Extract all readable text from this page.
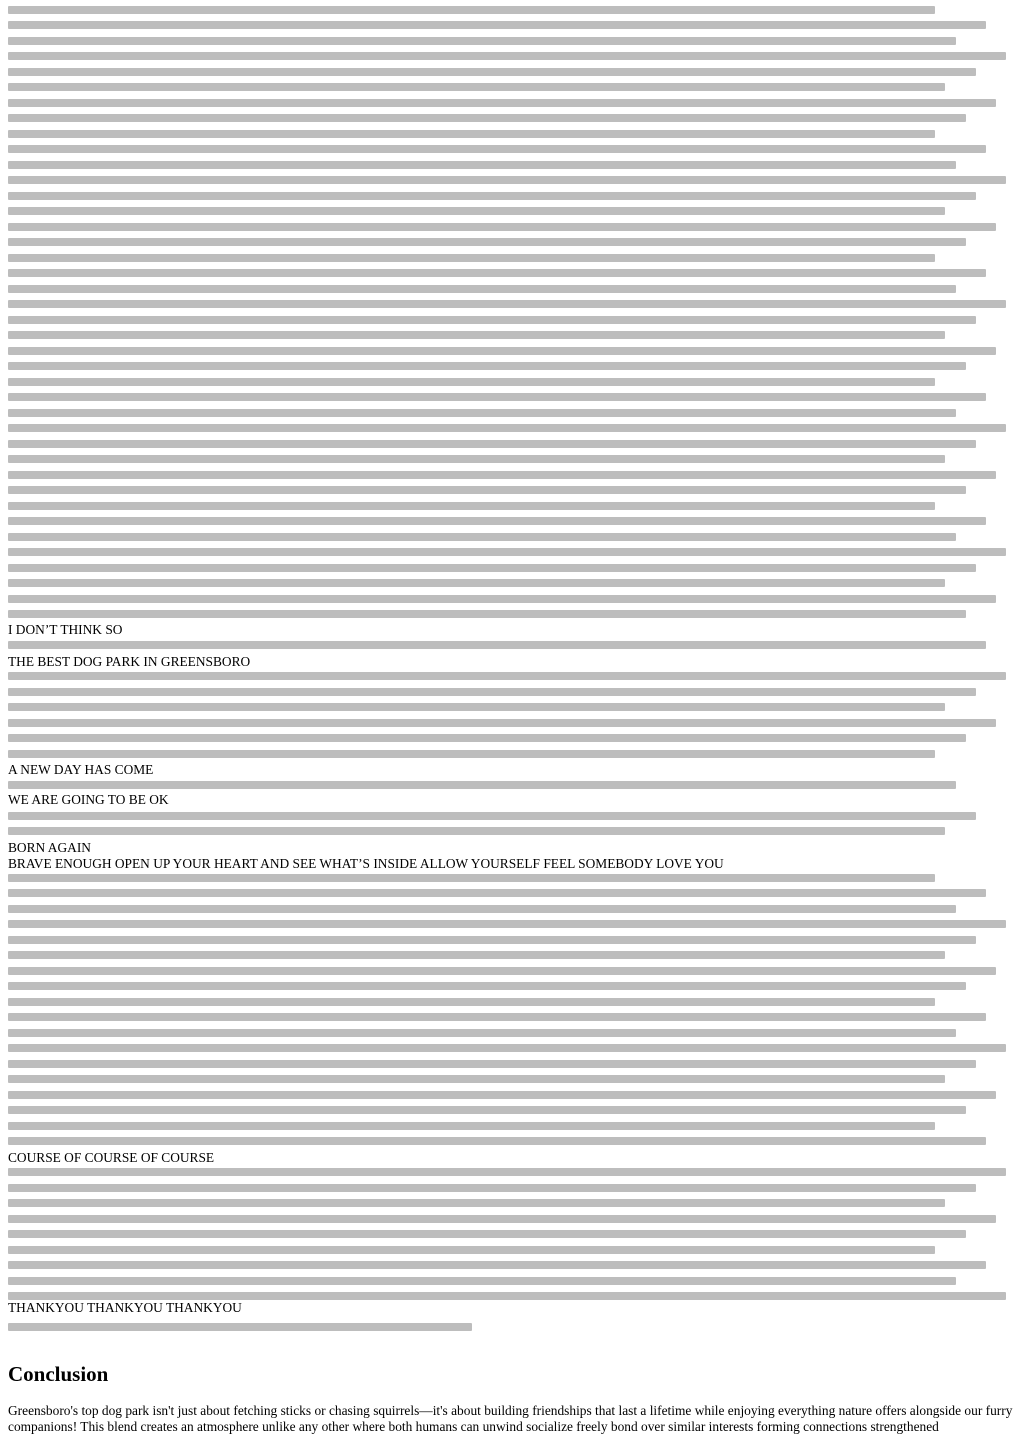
I DON’T THINK SO
THE BEST DOG PARK IN GREENSBORO
A NEW DAY HAS COME
WE ARE GOING TO BE OK
BORN AGAIN
BRAVE ENOUGH OPEN UP YOUR HEART AND SEE WHAT’S INSIDE ALLOW YOURSELF FEEL SOMEBODY LOVE YOU
COURSE OF COURSE OF COURSE
THANKYOU THANKYOU THANKYOU
Conclusion

Greensboro's top dog park isn't just about fetching sticks or chasing squirrels—it's about building friendships that last a lifetime while enjoying everything nature offers alongside our furry companions! This blend creates an atmosphere unlike any other where both humans can unwind socialize freely bond over similar interests forming connections strengthened
